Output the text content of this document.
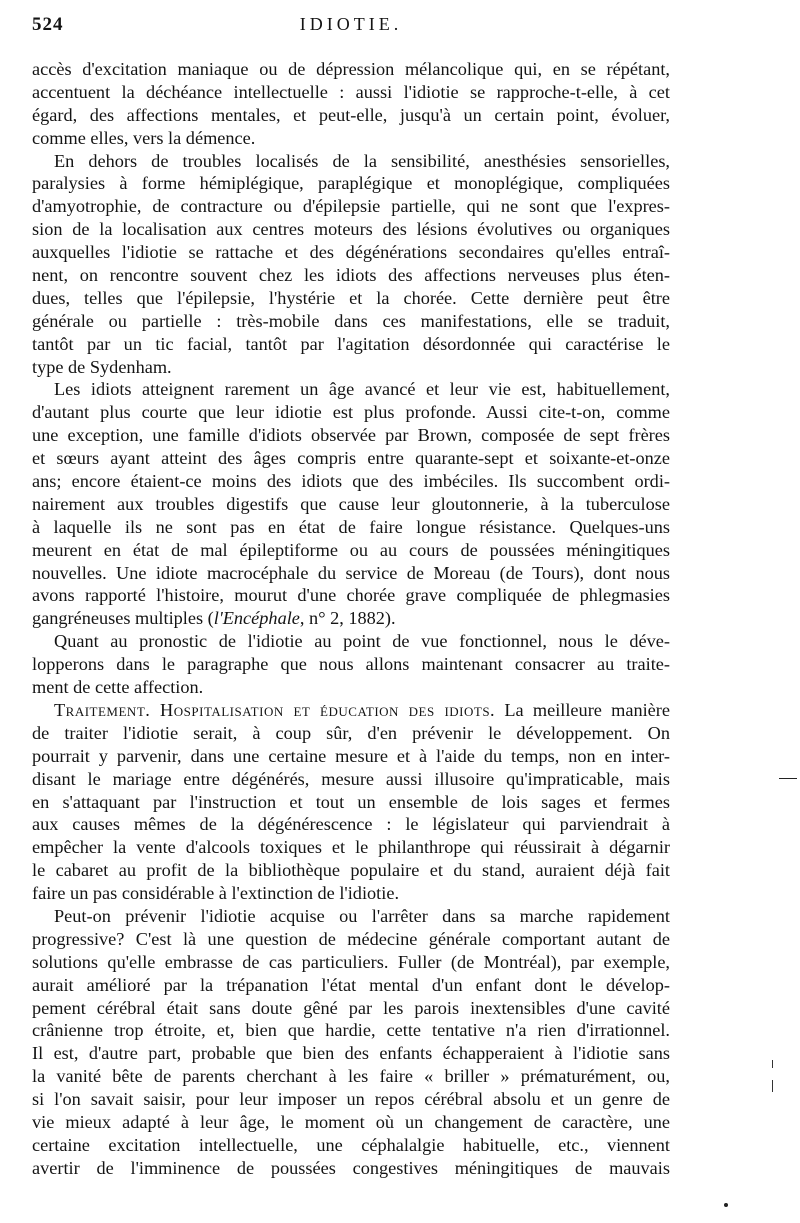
524	IDIOTIE.
accès d'excitation maniaque ou de dépression mélancolique qui, en se répétant,
accentuent la déchéance intellectuelle : aussi l'idiotie se rapproche-t-elle, à cet
égard, des affections mentales, et peut-elle, jusqu'à un certain point, évoluer,
comme elles, vers la démence.
En dehors de troubles localisés de la sensibilité, anesthésies sensorielles,
paralysies à forme hémiplégique, paraplégique et monoplégique, compliquées
d'amyotrophie, de contracture ou d'épilepsie partielle, qui ne sont que l'expres-
sion de la localisation aux centres moteurs des lésions évolutives ou organiques
auxquelles l'idiotie se rattache et des dégénérations secondaires qu'elles entraî-
nent, on rencontre souvent chez les idiots des affections nerveuses plus éten-
dues, telles que l'épilepsie, l'hystérie et la chorée. Cette dernière peut être
générale ou partielle : très-mobile dans ces manifestations, elle se traduit,
tantôt par un tic facial, tantôt par l'agitation désordonnée qui caractérise le
type de Sydenham.
Les idiots atteignent rarement un âge avancé et leur vie est, habituellement,
d'autant plus courte que leur idiotie est plus profonde. Aussi cite-t-on, comme
une exception, une famille d'idiots observée par Brown, composée de sept frères
et sœurs ayant atteint des âges compris entre quarante-sept et soixante-et-onze
ans; encore étaient-ce moins des idiots que des imbéciles. Ils succombent ordi-
nairement aux troubles digestifs que cause leur gloutonnerie, à la tuberculose
à laquelle ils ne sont pas en état de faire longue résistance. Quelques-uns
meurent en état de mal épileptiforme ou au cours de poussées méningitiques
nouvelles. Une idiote macrocéphale du service de Moreau (de Tours), dont nous
avons rapporté l'histoire, mourut d'une chorée grave compliquée de phlegmasies
gangréneuses multiples (l'Encéphale, n° 2, 1882).
Quant au pronostic de l'idiotie au point de vue fonctionnel, nous le déve-
lopperons dans le paragraphe que nous allons maintenant consacrer au traite-
ment de cette affection.
Traitement. Hospitalisation et éducation des idiots. La meilleure manière
de traiter l'idiotie serait, à coup sûr, d'en prévenir le développement. On
pourrait y parvenir, dans une certaine mesure et à l'aide du temps, non en inter-
disant le mariage entre dégénérés, mesure aussi illusoire qu'impraticable, mais
en s'attaquant par l'instruction et tout un ensemble de lois sages et fermes
aux causes mêmes de la dégénérescence : le législateur qui parviendrait à
empêcher la vente d'alcools toxiques et le philanthrope qui réussirait à dégarnir
le cabaret au profit de la bibliothèque populaire et du stand, auraient déjà fait
faire un pas considérable à l'extinction de l'idiotie.
Peut-on prévenir l'idiotie acquise ou l'arrêter dans sa marche rapidement
progressive? C'est là une question de médecine générale comportant autant de
solutions qu'elle embrasse de cas particuliers. Fuller (de Montréal), par exemple,
aurait amélioré par la trépanation l'état mental d'un enfant dont le dévelop-
pement cérébral était sans doute gêné par les parois inextensibles d'une cavité
crânienne trop étroite, et, bien que hardie, cette tentative n'a rien d'irrationnel.
Il est, d'autre part, probable que bien des enfants échapperaient à l'idiotie sans
la vanité bête de parents cherchant à les faire « briller » prématurément, ou,
si l'on savait saisir, pour leur imposer un repos cérébral absolu et un genre de
vie mieux adapté à leur âge, le moment où un changement de caractère, une
certaine excitation intellectuelle, une céphalalgie habituelle, etc., viennent
avertir de l'imminence de poussées congestives méningitiques de mauvais
